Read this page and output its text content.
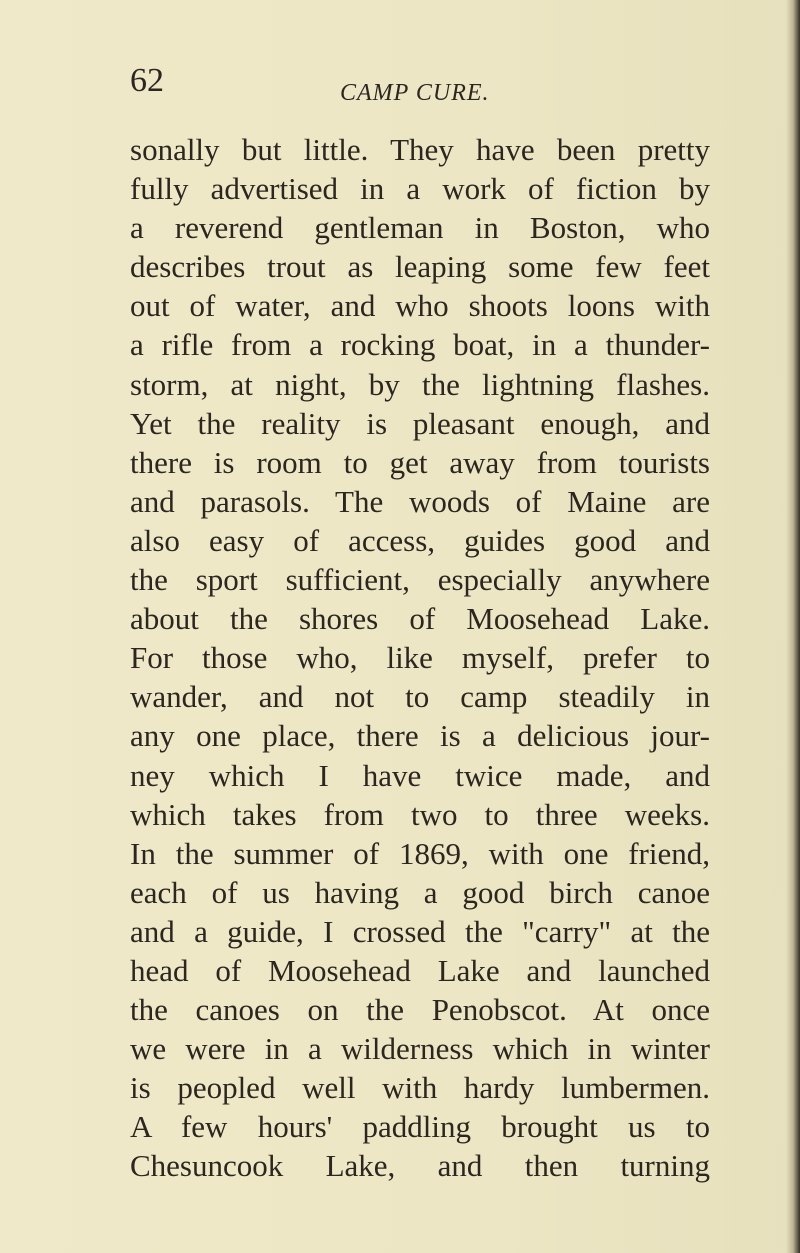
62	CAMP CURE.
sonally but little. They have been pretty
fully advertised in a work of fiction by
a reverend gentleman in Boston, who
describes trout as leaping some few feet
out of water, and who shoots loons with
a rifle from a rocking boat, in a thunder-
storm, at night, by the lightning flashes.
Yet the reality is pleasant enough, and
there is room to get away from tourists
and parasols. The woods of Maine are
also easy of access, guides good and
the sport sufficient, especially anywhere
about the shores of Moosehead Lake.
For those who, like myself, prefer to
wander, and not to camp steadily in
any one place, there is a delicious jour-
ney which I have twice made, and
which takes from two to three weeks.
In the summer of 1869, with one friend,
each of us having a good birch canoe
and a guide, I crossed the "carry" at the
head of Moosehead Lake and launched
the canoes on the Penobscot. At once
we were in a wilderness which in winter
is peopled well with hardy lumbermen.
A few hours' paddling brought us to
Chesuncook Lake, and then turning
